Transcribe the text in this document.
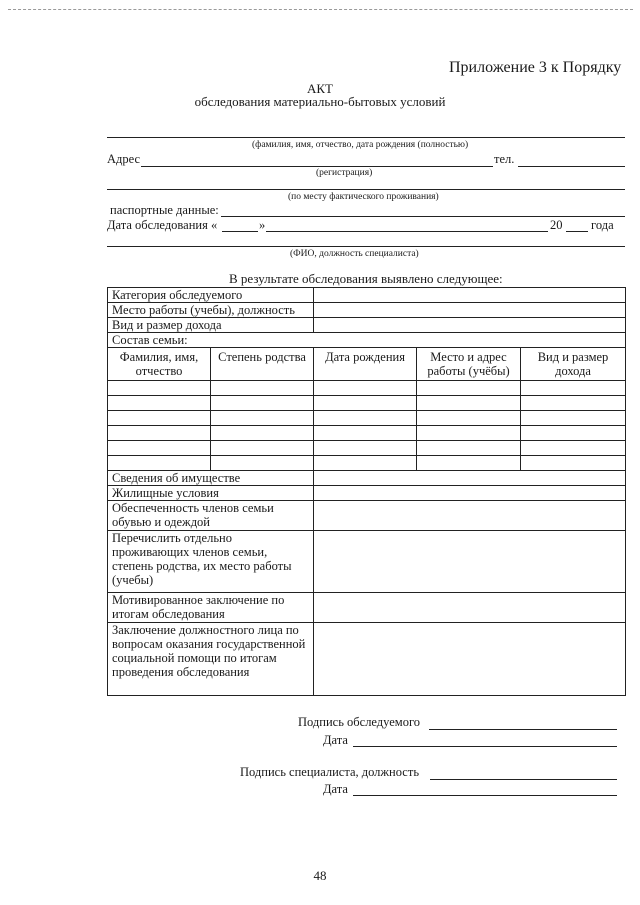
Приложение 3 к Порядку
АКТ
обследования материально-бытовых условий
(фамилия, имя, отчество, дата рождения (полностью)
Адрес	тел.
(регистрация)
(по месту фактического проживания)
паспортные данные:
Дата обследования «	»	20 года
(ФИО, должность специалиста)
В результате обследования выявлено следующее:
Категория обследуемого				
Место работы (учебы), должность				
Вид и размер дохода				
Состав семьи:				
Фамилия, имя, отчество	Степень родства	Дата рождения	Место и адрес работы (учёбы)	Вид и размер дохода

Сведения об имуществе				
Жилищные условия				
Обеспеченность членов семьи обувью и одеждой				
Перечислить отдельно проживающих членов семьи, степень родства, их место работы (учебы)				
Мотивированное заключение по итогам обследования				
Заключение должностного лица по вопросам оказания государственной социальной помощи по итогам проведения обследования				
Подпись обследуемого
Дата
Подпись специалиста, должность
Дата
48
